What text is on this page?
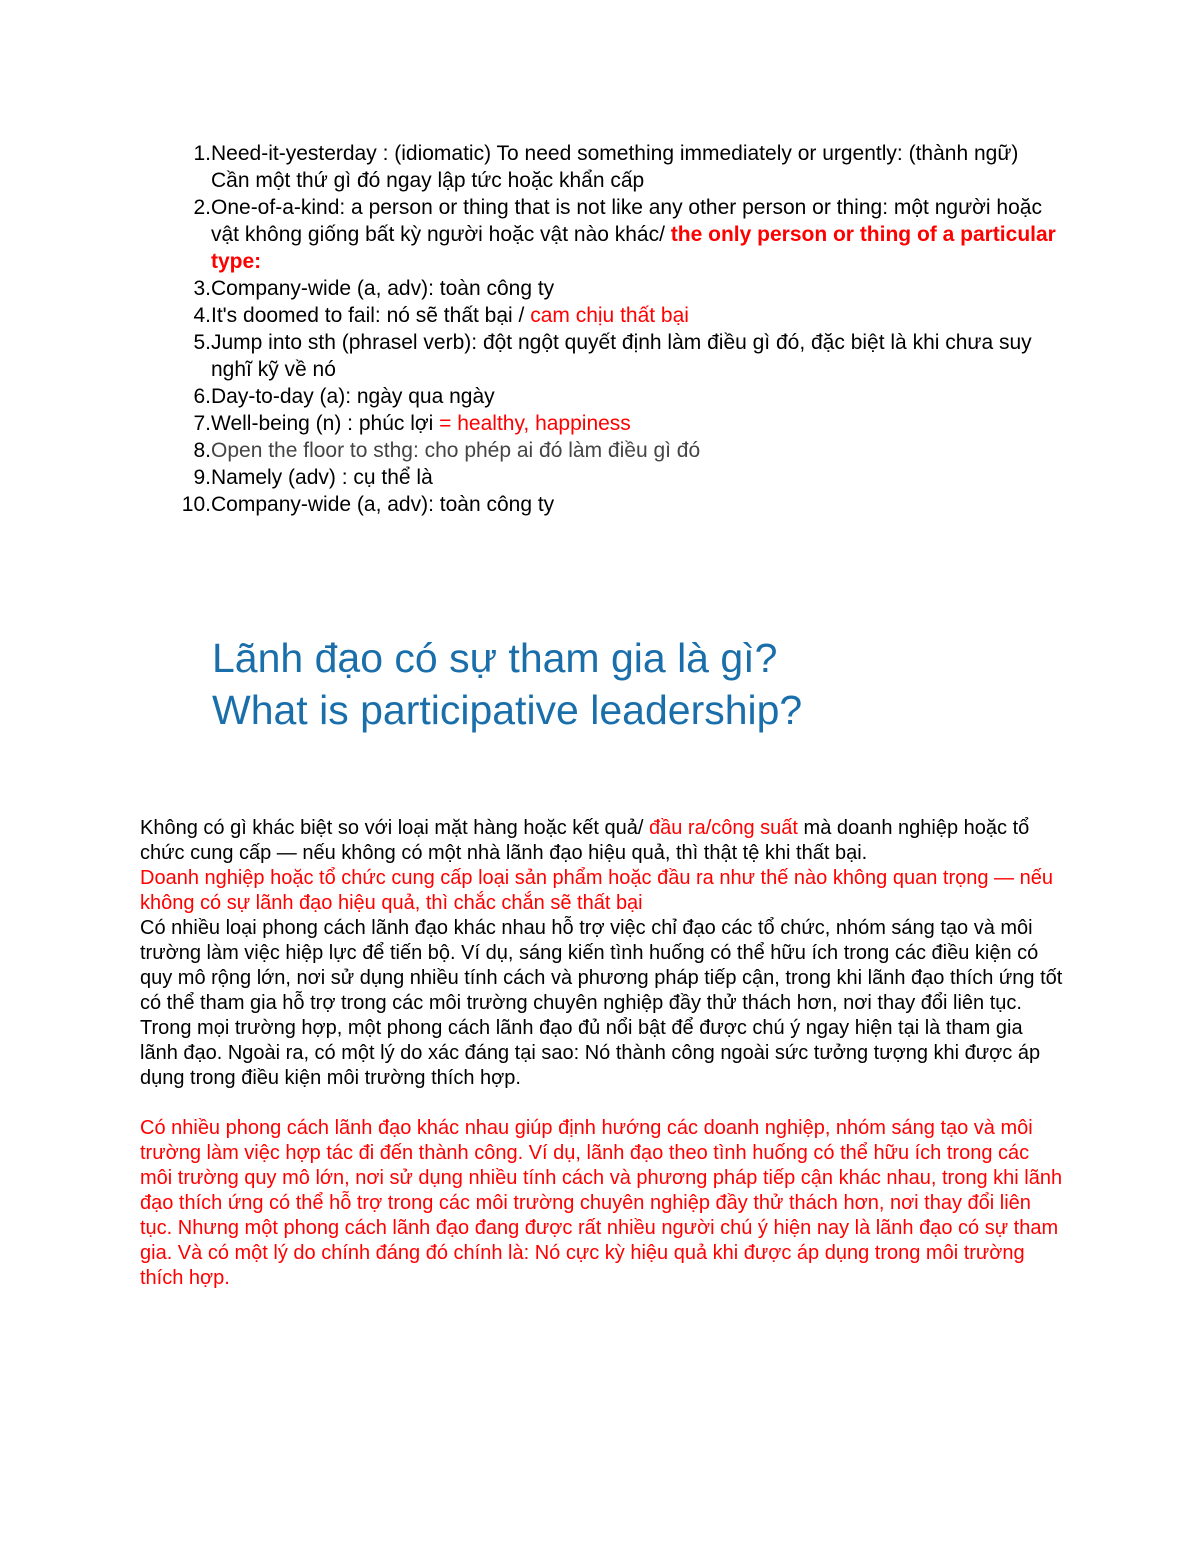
1. Need-it-yesterday : (idiomatic) To need something immediately or urgently: (thành ngữ) Cần một thứ gì đó ngay lập tức hoặc khẩn cấp
2. One-of-a-kind: a person or thing that is not like any other person or thing: một người hoặc vật không giống bất kỳ người hoặc vật nào khác/ the only person or thing of a particular type:
3. Company-wide (a, adv): toàn công ty
4. It's doomed to fail: nó sẽ thất bại / cam chịu thất bại
5. Jump into sth (phrasel verb): đột ngột quyết định làm điều gì đó, đặc biệt là khi chưa suy nghĩ kỹ về nó
6. Day-to-day (a): ngày qua ngày
7. Well-being (n) : phúc lợi = healthy, happiness
8. Open the floor to sthg: cho phép ai đó làm điều gì đó
9. Namely (adv) : cụ thể là
10. Company-wide (a, adv): toàn công ty
Lãnh đạo có sự tham gia là gì?
What is participative leadership?

Không có gì khác biệt so với loại mặt hàng hoặc kết quả/ đầu ra/công suất mà doanh nghiệp hoặc tổ chức cung cấp — nếu không có một nhà lãnh đạo hiệu quả, thì thật tệ khi thất bại.

Doanh nghiệp hoặc tổ chức cung cấp loại sản phẩm hoặc đầu ra như thế nào không quan trọng — nếu không có sự lãnh đạo hiệu quả, thì chắc chắn sẽ thất bại

Có nhiều loại phong cách lãnh đạo khác nhau hỗ trợ việc chỉ đạo các tổ chức, nhóm sáng tạo và môi trường làm việc hiệp lực để tiến bộ. Ví dụ, sáng kiến tình huống có thể hữu ích trong các điều kiện có quy mô rộng lớn, nơi sử dụng nhiều tính cách và phương pháp tiếp cận, trong khi lãnh đạo thích ứng tốt có thể tham gia hỗ trợ trong các môi trường chuyên nghiệp đầy thử thách hơn, nơi thay đổi liên tục. Trong mọi trường hợp, một phong cách lãnh đạo đủ nổi bật để được chú ý ngay hiện tại là tham gia lãnh đạo. Ngoài ra, có một lý do xác đáng tại sao: Nó thành công ngoài sức tưởng tượng khi được áp dụng trong điều kiện môi trường thích hợp.

Có nhiều phong cách lãnh đạo khác nhau giúp định hướng các doanh nghiệp, nhóm sáng tạo và môi trường làm việc hợp tác đi đến thành công. Ví dụ, lãnh đạo theo tình huống có thể hữu ích trong các môi trường quy mô lớn, nơi sử dụng nhiều tính cách và phương pháp tiếp cận khác nhau, trong khi lãnh đạo thích ứng có thể hỗ trợ trong các môi trường chuyên nghiệp đầy thử thách hơn, nơi thay đổi liên tục. Nhưng một phong cách lãnh đạo đang được rất nhiều người chú ý hiện nay là lãnh đạo có sự tham gia. Và có một lý do chính đáng đó chính là: Nó cực kỳ hiệu quả khi được áp dụng trong môi trường thích hợp.
